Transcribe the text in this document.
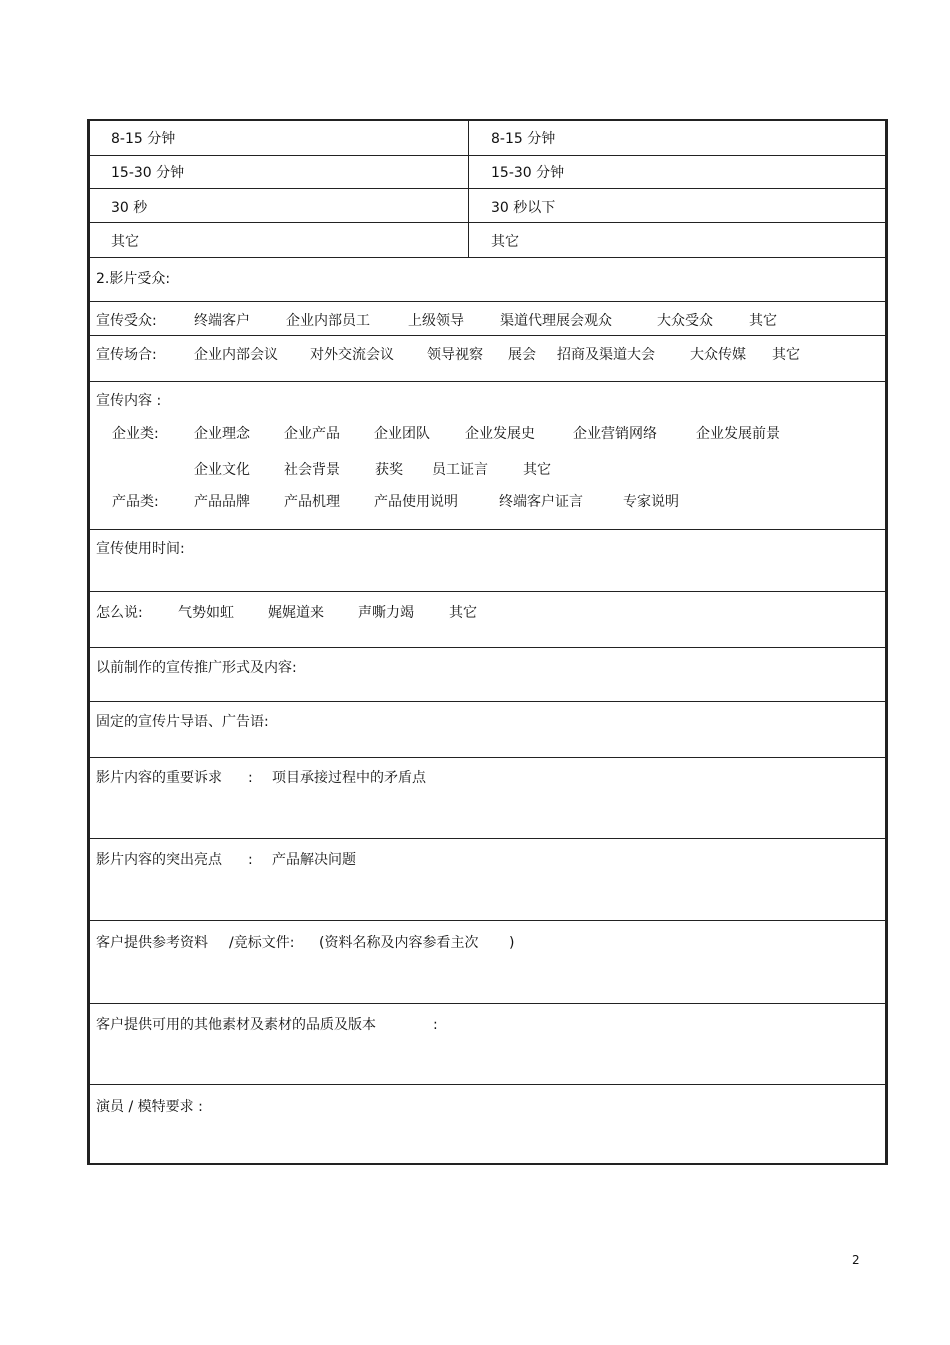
8-15 分钟	8-15 分钟
15-30 分钟	15-30 分钟
30 秒	30 秒以下
其它	其它
2.影片受众:
宣传受众:	终端客户	企业内部员工	上级领导	渠道代理展会观众	大众受众	其它
宣传场合:	企业内部会议 对外交流会议 领导视察 展会 招商及渠道大会	大众传媒 其它
宣传内容 :
企业类:	企业理念 企业产品 企业团队	企业发展史	企业营销网络	企业发展前景
企业文化 社会背景	获奖 员工证言	其它
产品类:	产品品牌 产品机理 产品使用说明	终端客户证言	专家说明
宣传使用时间:
怎么说:	气势如虹 娓娓道来 声嘶力竭	其它
以前制作的宣传推广形式及内容:
固定的宣传片导语、广告语:
影片内容的重要诉求 : 项目承接过程中的矛盾点
影片内容的突出亮点 : 产品解决问题
客户提供参考资料 /竞标文件: (资料名称及内容参看主次 )
客户提供可用的其他素材及素材的品质及版本	:
演员 / 模特要求 :
2
